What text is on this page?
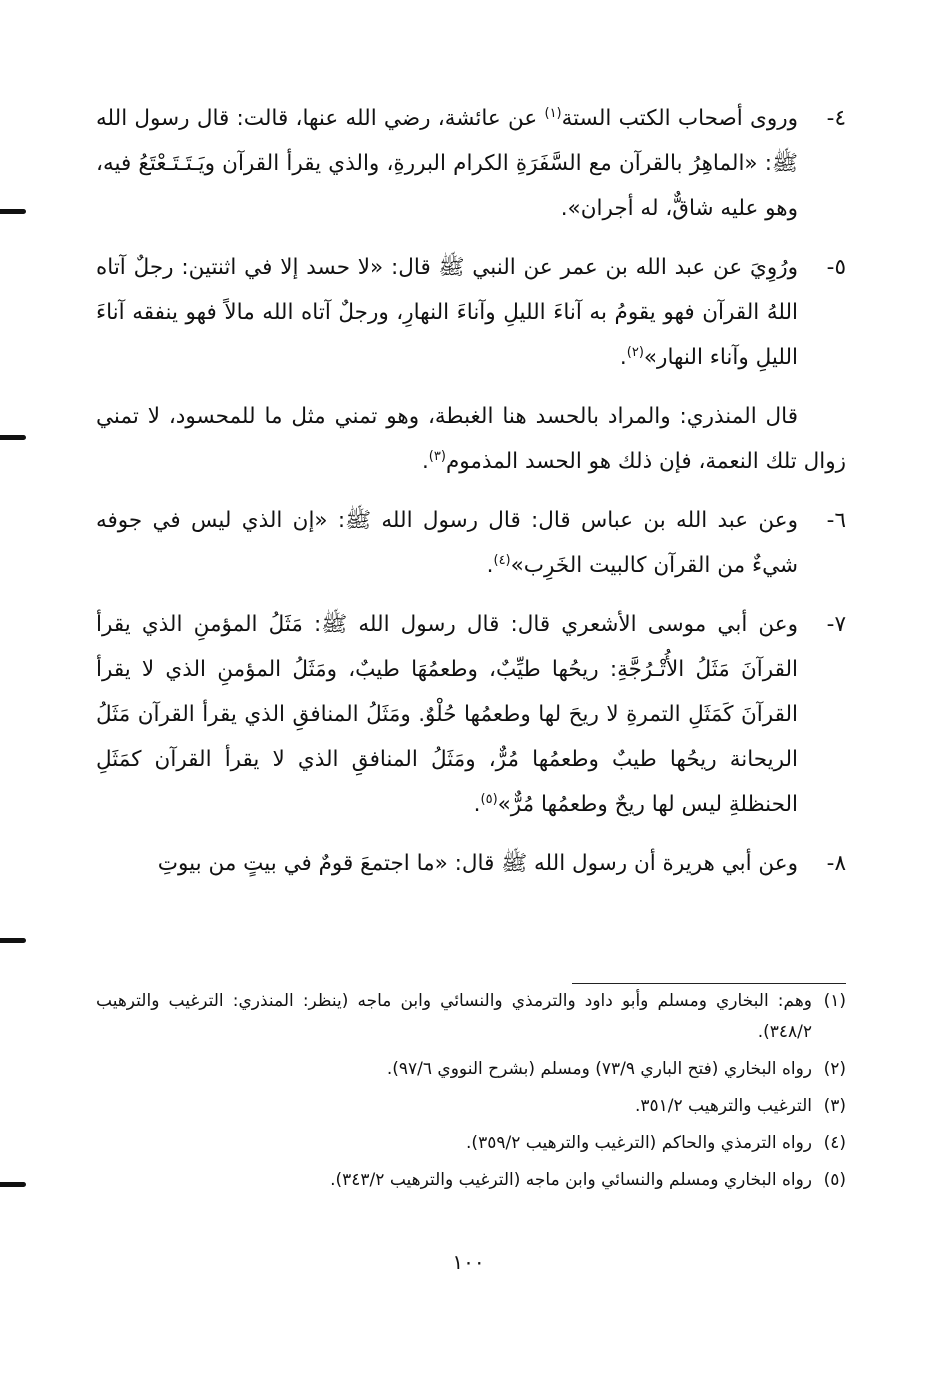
٤-
وروى أصحاب الكتب الستة$^{(١)}$ عن عائشة، رضي الله عنها، قالت: قال رسول الله ﷺ: «الماهِرُ بالقرآن مع السَّفَرَةِ الكرام البررةِ، والذي يقرأ القرآن ويَـتَـتَـعْتَعُ فيه، وهو عليه شاقٌّ، له أجران».

٥-
ورُوِيَ عن عبد الله بن عمر عن النبي ﷺ قال: «لا حسد إلا في اثنتين: رجلٌ آتاه اللهُ القرآن فهو يقومُ به آناءَ الليلِ وآناءَ النهارِ، ورجلٌ آتاه الله مالاً فهو ينفقه آناءَ الليلِ وآناء النهار»$^{(٢)}$.

قال المنذري: والمراد بالحسد هنا الغبطة، وهو تمني مثل ما للمحسود، لا تمني زوال تلك النعمة، فإن ذلك هو الحسد المذموم$^{(٣)}$.

٦-
وعن عبد الله بن عباس قال: قال رسول الله ﷺ: «إن الذي ليس في جوفه شيءٌ من القرآن كالبيت الخَرِب»$^{(٤)}$.

٧-
وعن أبي موسى الأشعري قال: قال رسول الله ﷺ: مَثَلُ المؤمنِ الذي يقرأ القرآنَ مَثَلُ الأُتْـرُجَّةِ: ريحُها طيِّبٌ، وطعمُهَا طيبٌ، ومَثَلُ المؤمنِ الذي لا يقرأ القرآنَ كَمَثَلِ التمرةِ لا ريحَ لها وطعمُها حُلْوٌ. ومَثَلُ المنافقِ الذي يقرأ القرآن مَثَلُ الريحانة ريحُها طيبٌ وطعمُها مُرٌّ، ومَثَلُ المنافقِ الذي لا يقرأ القرآن كمَثَلِ الحنظلةِ ليس لها ريحٌ وطعمُها مُرٌّ»$^{(٥)}$.

٨-
وعن أبي هريرة أن رسول الله ﷺ قال: «ما اجتمعَ قومٌ في بيتٍ من بيوتِ

(١)
وهم: البخاري ومسلم وأبو داود والترمذي والنسائي وابن ماجه (ينظر: المنذري: الترغيب والترهيب ٣٤٨/٢).

(٢)
رواه البخاري (فتح الباري ٧٣/٩) ومسلم (بشرح النووي ٩٧/٦).

(٣)
الترغيب والترهيب ٣٥١/٢.

(٤)
رواه الترمذي والحاكم (الترغيب والترهيب ٣٥٩/٢).

(٥)
رواه البخاري ومسلم والنسائي وابن ماجه (الترغيب والترهيب ٣٤٣/٢).

١٠٠
